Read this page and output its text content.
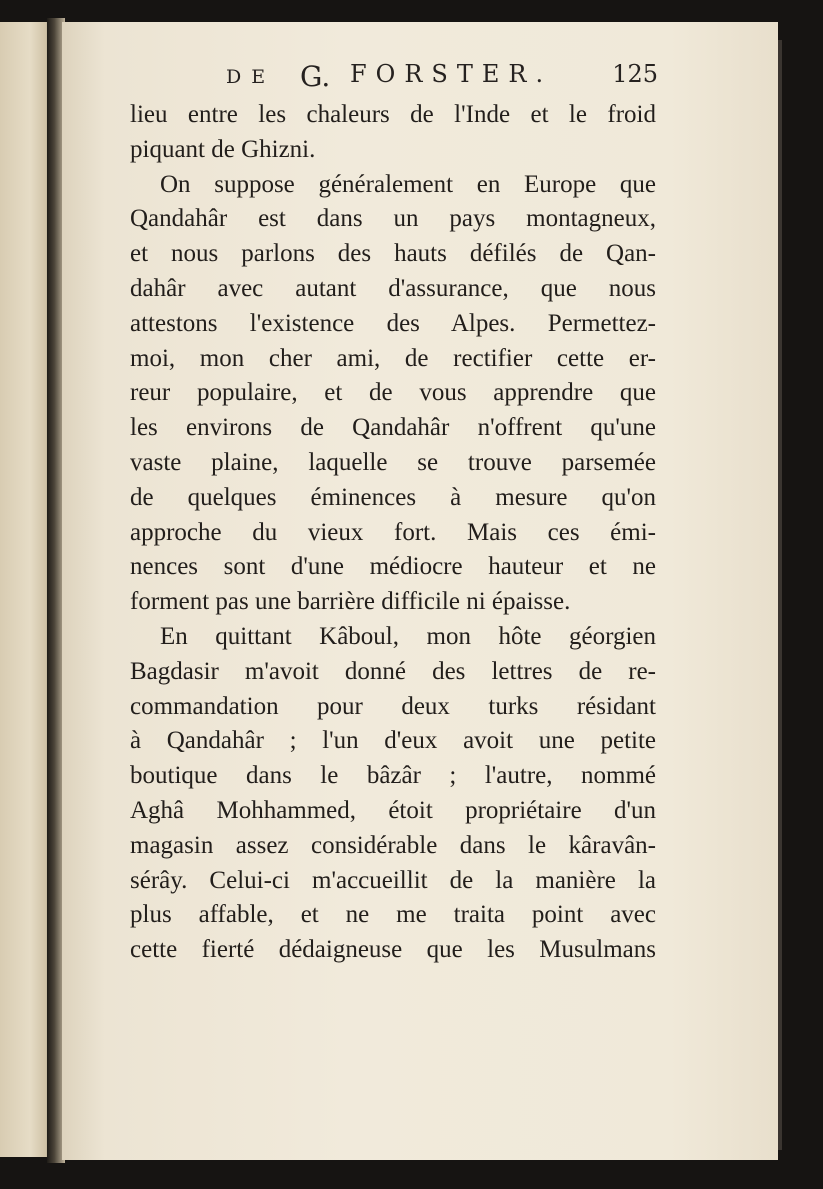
DE G. FORSTER.	125
lieu entre les chaleurs de l'Inde et le froid
piquant de Ghizni.
On suppose généralement en Europe que
Qandahâr est dans un pays montagneux,
et nous parlons des hauts défilés de Qan-
dahâr avec autant d'assurance, que nous
attestons l'existence des Alpes. Permettez-
moi, mon cher ami, de rectifier cette er-
reur populaire, et de vous apprendre que
les environs de Qandahâr n'offrent qu'une
vaste plaine, laquelle se trouve parsemée
de quelques éminences à mesure qu'on
approche du vieux fort. Mais ces émi-
nences sont d'une médiocre hauteur et ne
forment pas une barrière difficile ni épaisse.
En quittant Kâboul, mon hôte géorgien
Bagdasir m'avoit donné des lettres de re-
commandation pour deux turks résidant
à Qandahâr ; l'un d'eux avoit une petite
boutique dans le bâzâr ; l'autre, nommé
Aghâ Mohhammed, étoit propriétaire d'un
magasin assez considérable dans le kâravân-
sérây. Celui-ci m'accueillit de la manière la
plus affable, et ne me traita point avec
cette fierté dédaigneuse que les Musulmans
